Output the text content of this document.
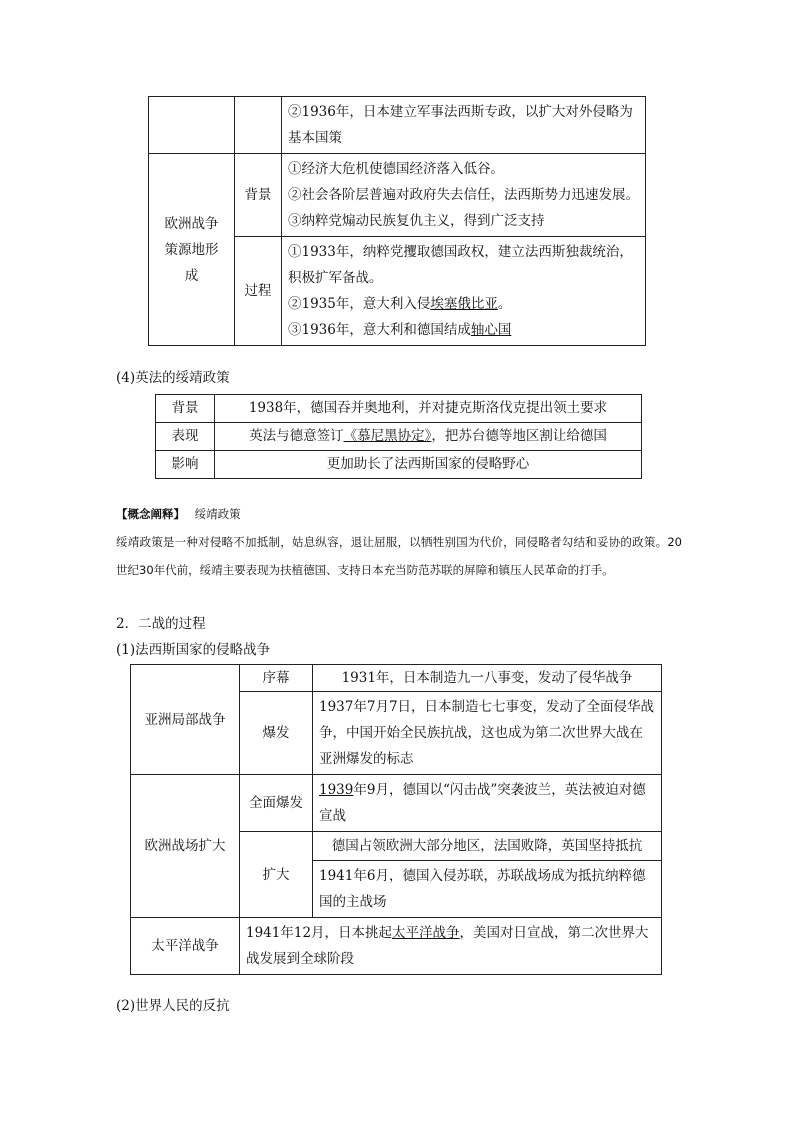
		②1936年，日本建立军事法西斯专政，以扩大对外侵略为基本国策
欧洲战争策源地形成	背景	①经济大危机使德国经济落入低谷。
②社会各阶层普遍对政府失去信任，法西斯势力迅速发展。
③纳粹党煽动民族复仇主义，得到广泛支持

	过程	①1933年，纳粹党攫取德国政权，建立法西斯独裁统治，积极扩军备战。
②1935年，意大利入侵埃塞俄比亚。
③1936年，意大利和德国结成轴心国
(4)英法的绥靖政策
背景	1938年，德国吞并奥地利，并对捷克斯洛伐克提出领土要求
表现	英法与德意签订《慕尼黑协定》，把苏台德等地区割让给德国
影响	更加助长了法西斯国家的侵略野心
【概念阐释】 绥靖政策
绥靖政策是一种对侵略不加抵制，姑息纵容，退让屈服，以牺牲别国为代价，同侵略者勾结和妥协的政策。20世纪30年代前，绥靖主要表现为扶植德国、支持日本充当防范苏联的屏障和镇压人民革命的打手。
2．二战的过程
(1)法西斯国家的侵略战争
亚洲局部战争	序幕	1931年，日本制造九一八事变，发动了侵华战争
	爆发	1937年7月7日，日本制造七七事变，发动了全面侵华战争，中国开始全民族抗战，这也成为第二次世界大战在亚洲爆发的标志
欧洲战场扩大	全面爆发	1939年9月，德国以“闪击战”突袭波兰，英法被迫对德宣战
	扩大	德国占领欧洲大部分地区，法国败降，英国坚持抵抗
		1941年6月，德国入侵苏联，苏联战场成为抵抗纳粹德国的主战场
太平洋战争	1941年12月，日本挑起太平洋战争，美国对日宣战，第二次世界大战发展到全球阶段	
(2)世界人民的反抗
